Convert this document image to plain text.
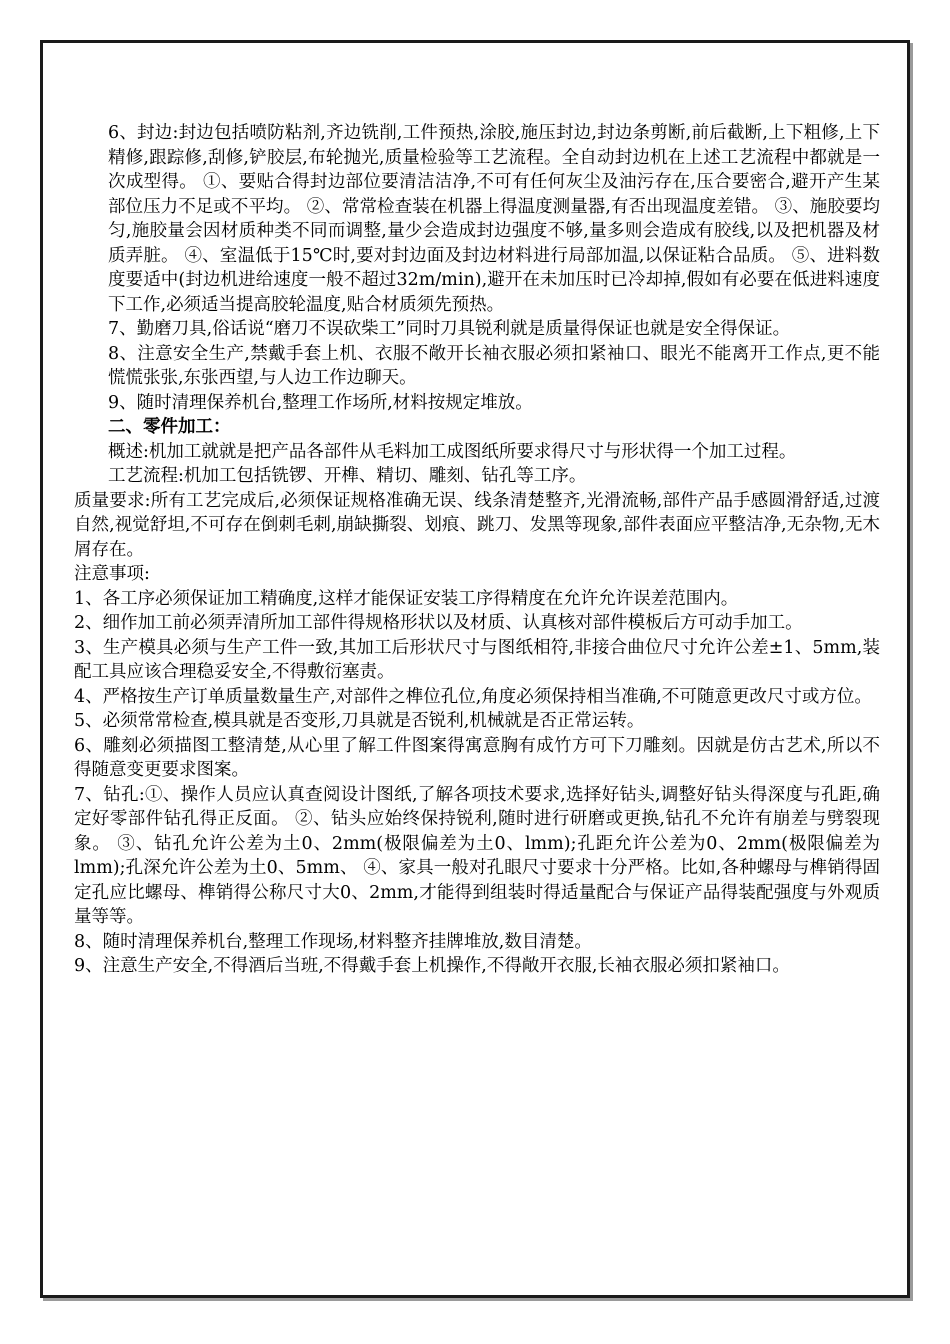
6、封边:封边包括喷防粘剂,齐边铣削,工件预热,涂胶,施压封边,封边条剪断,前后截断,上下粗修,上下精修,跟踪修,刮修,铲胶层,布轮抛光,质量检验等工艺流程。全自动封边机在上述工艺流程中都就是一次成型得。 ①、要贴合得封边部位要清洁洁净,不可有任何灰尘及油污存在,压合要密合,避开产生某部位压力不足或不平均。 ②、常常检查装在机器上得温度测量器,有否出现温度差错。 ③、施胶要均匀,施胶量会因材质种类不同而调整,量少会造成封边强度不够,量多则会造成有胶线,以及把机器及材质弄脏。 ④、室温低于15℃时,要对封边面及封边材料进行局部加温,以保证粘合品质。 ⑤、进料数度要适中(封边机进给速度一般不超过32m/min),避开在未加压时已冷却掉,假如有必要在低进料速度下工作,必须适当提高胶轮温度,贴合材质须先预热。

7、勤磨刀具,俗话说“磨刀不误砍柴工”同时刀具锐利就是质量得保证也就是安全得保证。

8、注意安全生产,禁戴手套上机、衣服不敞开长袖衣服必须扣紧袖口、眼光不能离开工作点,更不能慌慌张张,东张西望,与人边工作边聊天。

9、随时清理保养机台,整理工作场所,材料按规定堆放。

二、零件加工：

概述:机加工就就是把产品各部件从毛料加工成图纸所要求得尺寸与形状得一个加工过程。

工艺流程:机加工包括铣锣、开榫、精切、雕刻、钻孔等工序。

质量要求:所有工艺完成后,必须保证规格准确无误、线条清楚整齐,光滑流畅,部件产品手感圆滑舒适,过渡自然,视觉舒坦,不可存在倒刺毛刺,崩缺撕裂、划痕、跳刀、发黑等现象,部件表面应平整洁净,无杂物,无木屑存在。

注意事项:

1、各工序必须保证加工精确度,这样才能保证安装工序得精度在允许允许误差范围内。

2、细作加工前必须弄清所加工部件得规格形状以及材质、认真核对部件模板后方可动手加工。

3、生产模具必须与生产工件一致,其加工后形状尺寸与图纸相符,非接合曲位尺寸允许公差±1、5mm,装配工具应该合理稳妥安全,不得敷衍塞责。

4、严格按生产订单质量数量生产,对部件之榫位孔位,角度必须保持相当准确,不可随意更改尺寸或方位。

5、必须常常检查,模具就是否变形,刀具就是否锐利,机械就是否正常运转。

6、雕刻必须描图工整清楚,从心里了解工件图案得寓意胸有成竹方可下刀雕刻。因就是仿古艺术,所以不得随意变更要求图案。

7、钻孔:①、操作人员应认真查阅设计图纸,了解各项技术要求,选择好钻头,调整好钻头得深度与孔距,确定好零部件钻孔得正反面。 ②、钻头应始终保持锐利,随时进行研磨或更换,钻孔不允许有崩差与劈裂现象。 ③、钻孔允许公差为土0、2mm(极限偏差为土0、lmm);孔距允许公差为0、2mm(极限偏差为lmm);孔深允许公差为土0、5mm、 ④、家具一般对孔眼尺寸要求十分严格。比如,各种螺母与榫销得固定孔应比螺母、榫销得公称尺寸大0、2mm,才能得到组装时得适量配合与保证产品得装配强度与外观质量等等。

8、随时清理保养机台,整理工作现场,材料整齐挂牌堆放,数目清楚。

9、注意生产安全,不得酒后当班,不得戴手套上机操作,不得敞开衣服,长袖衣服必须扣紧袖口。
